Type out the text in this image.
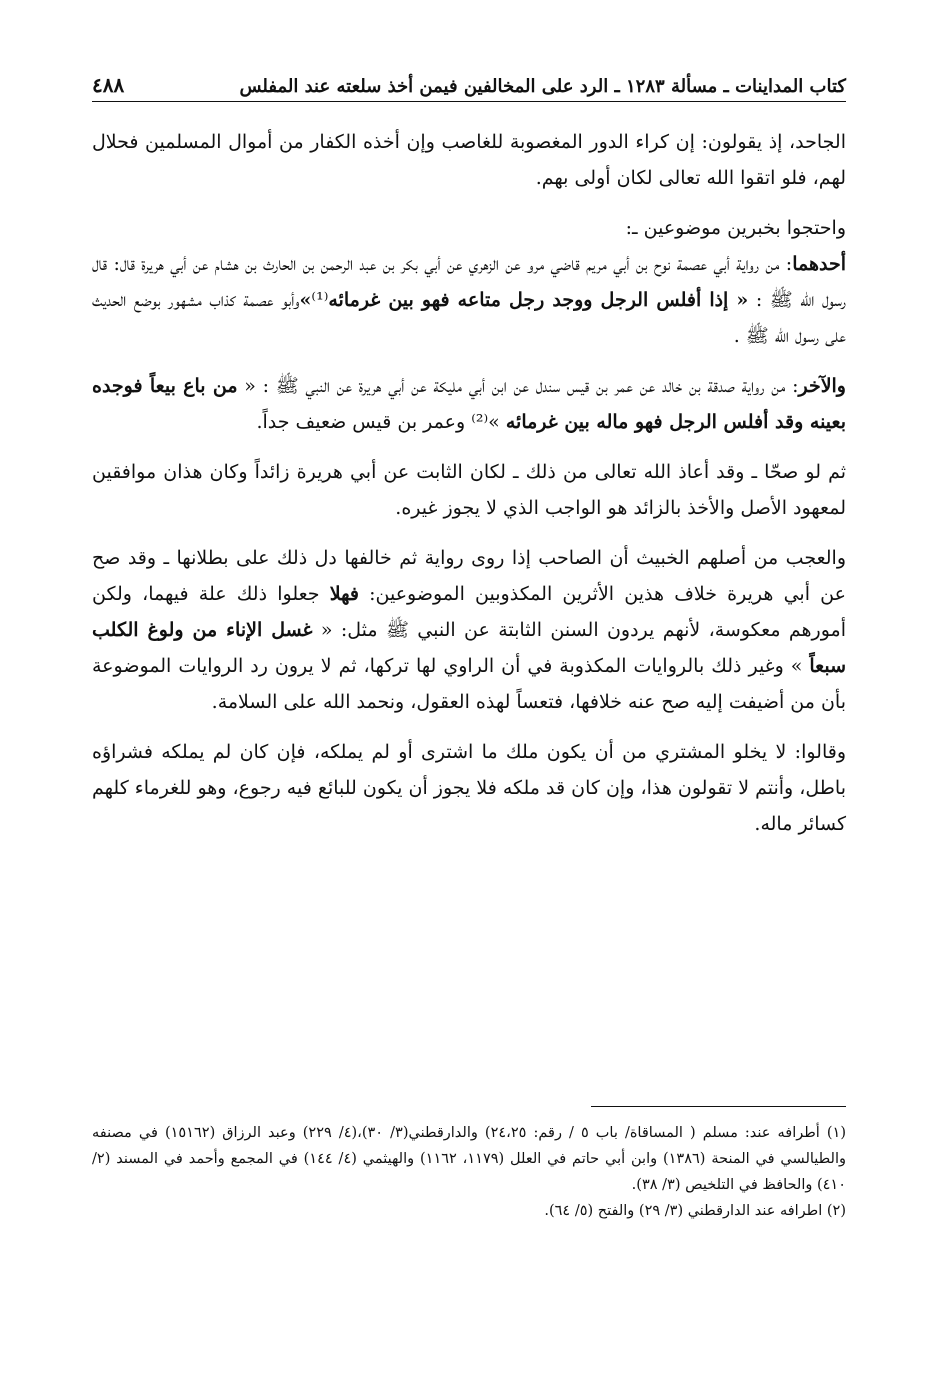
كتاب المداينات ـ مسألة ١٢٨٣ ـ الرد على المخالفين فيمن أخذ سلعته عند المفلس
٤٨٨

الجاحد، إذ يقولون: إن كراء الدور المغصوبة للغاصب وإن أخذه الكفار من أموال المسلمين فحلال لهم، فلو اتقوا الله تعالى لكان أولى بهم.

واحتجوا بخبرين موضوعين ـ:

أحدهما: من رواية أبي عصمة نوح بن أبي مريم قاضي مرو عن الزهري عن أبي بكر بن عبد الرحمن بن الحارث بن هشام عن أبي هريرة قال: قال رسول الله ﷺ : « إذا أفلس الرجل ووجد رجل متاعه فهو بين غرمائه⁽¹⁾»وأبو عصمة كذاب مشهور بوضع الحديث على رسول الله ﷺ .

والآخر: من رواية صدقة بن خالد عن عمر بن قيس سندل عن ابن أبي مليكة عن أبي هريرة عن النبي ﷺ : « من باع بيعاً فوجده بعينه وقد أفلس الرجل فهو ماله بين غرمائه »⁽²⁾ وعمر بن قيس ضعيف جداً.

ثم لو صحّا ـ وقد أعاذ الله تعالى من ذلك ـ لكان الثابت عن أبي هريرة زائداً وكان هذان موافقين لمعهود الأصل والأخذ بالزائد هو الواجب الذي لا يجوز غيره.

والعجب من أصلهم الخبيث أن الصاحب إذا روى رواية ثم خالفها دل ذلك على بطلانها ـ وقد صح عن أبي هريرة خلاف هذين الأثرين المكذوبين الموضوعين: فهلا جعلوا ذلك علة فيهما، ولكن أمورهم معكوسة، لأنهم يردون السنن الثابتة عن النبي ﷺ مثل: « غسل الإناء من ولوغ الكلب سبعاً » وغير ذلك بالروايات المكذوبة في أن الراوي لها تركها، ثم لا يرون رد الروايات الموضوعة بأن من أضيفت إليه صح عنه خلافها، فتعساً لهذه العقول، ونحمد الله على السلامة.

وقالوا: لا يخلو المشتري من أن يكون ملك ما اشترى أو لم يملكه، فإن كان لم يملكه فشراؤه باطل، وأنتم لا تقولون هذا، وإن كان قد ملكه فلا يجوز أن يكون للبائع فيه رجوع، وهو للغرماء كلهم كسائر ماله.

(١) أطرافه عند: مسلم ( المساقاة/ باب ٥ / رقم: ٢٤،٢٥) والدارقطني(٣/ ٣٠)،(٤/ ٢٢٩) وعبد الرزاق (١٥١٦٢) في مصنفه والطيالسي في المنحة (١٣٨٦) وابن أبي حاتم في العلل (١١٧٩، ١١٦٢) والهيثمي (٤/ ١٤٤) في المجمع وأحمد في المسند (٢/ ٤١٠) والحافظ في التلخيص (٣/ ٣٨).

(٢) اطرافه عند الدارقطني (٣/ ٢٩) والفتح (٥/ ٦٤).
